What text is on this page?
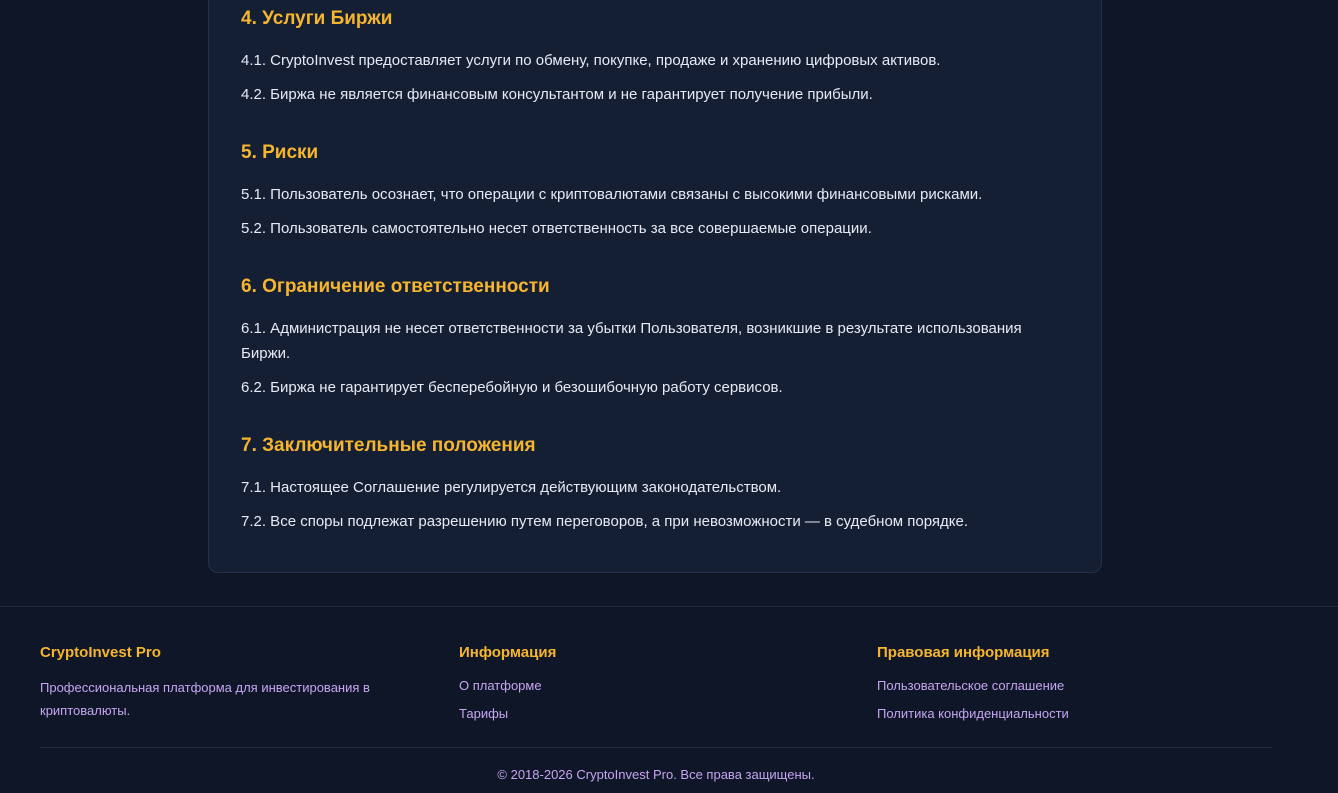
4. Услуги Биржи

4.1. CryptoInvest предоставляет услуги по обмену, покупке, продаже и хранению цифровых активов.

4.2. Биржа не является финансовым консультантом и не гарантирует получение прибыли.

5. Риски

5.1. Пользователь осознает, что операции с криптовалютами связаны с высокими финансовыми рисками.

5.2. Пользователь самостоятельно несет ответственность за все совершаемые операции.

6. Ограничение ответственности

6.1. Администрация не несет ответственности за убытки Пользователя, возникшие в результате использования Биржи.

6.2. Биржа не гарантирует бесперебойную и безошибочную работу сервисов.

7. Заключительные положения

7.1. Настоящее Соглашение регулируется действующим законодательством.

7.2. Все споры подлежат разрешению путем переговоров, а при невозможности — в судебном порядке.

CryptoInvest Pro

Профессиональная платформа для инвестирования в криптовалюты.

Информация
О платформе
Тарифы
Правовая информация
Пользовательское соглашение
Политика конфиденциальности
© 2018-2026 CryptoInvest Pro. Все права защищены.
